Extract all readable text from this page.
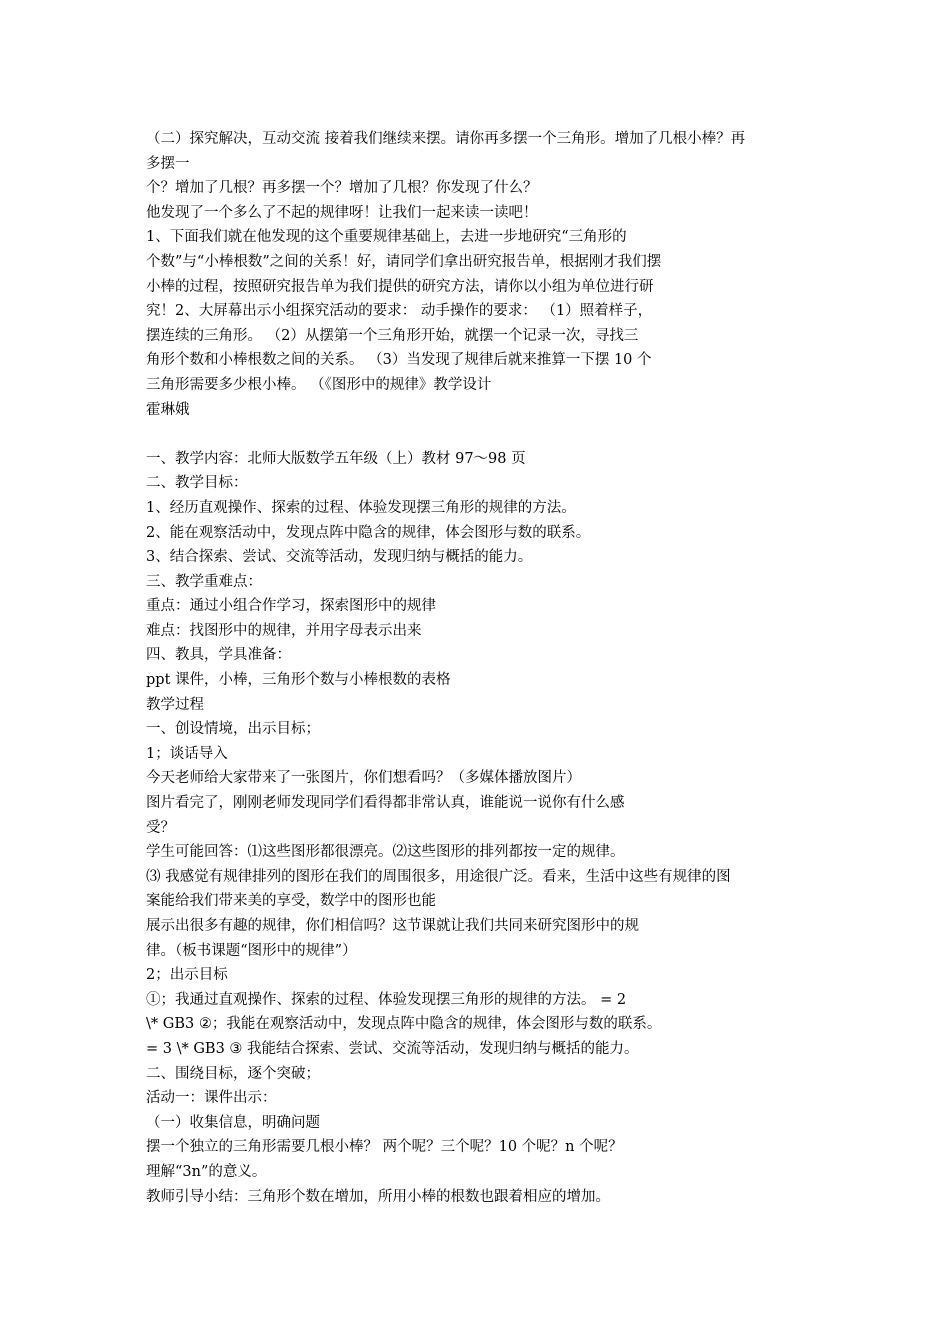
（二）探究解决，互动交流 接着我们继续来摆。请你再多摆一个三角形。增加了几根小棒？再
多摆一
个？增加了几根？再多摆一个？增加了几根？你发现了什么？
他发现了一个多么了不起的规律呀！让我们一起来读一读吧！
1、下面我们就在他发现的这个重要规律基础上，去进一步地研究“三角形的
个数”与“小棒根数”之间的关系！好，请同学们拿出研究报告单，根据刚才我们摆
小棒的过程，按照研究报告单为我们提供的研究方法，请你以小组为单位进行研
究！2、大屏幕出示小组探究活动的要求： 动手操作的要求： （1）照着样子，
摆连续的三角形。 （2）从摆第一个三角形开始，就摆一个记录一次，寻找三
角形个数和小棒根数之间的关系。 （3）当发现了规律后就来推算一下摆 10 个
三角形需要多少根小棒。 （《图形中的规律》教学设计
霍琳娥
一、教学内容：北师大版数学五年级（上）教材 97～98 页
二、教学目标：
1、经历直观操作、探索的过程、体验发现摆三角形的规律的方法。
2、能在观察活动中，发现点阵中隐含的规律，体会图形与数的联系。
3、结合探索、尝试、交流等活动，发现归纳与概括的能力。
三、教学重难点：
重点：通过小组合作学习，探索图形中的规律
难点：找图形中的规律，并用字母表示出来
四、教具，学具准备：
ppt 课件，小棒，三角形个数与小棒根数的表格
教学过程
一、创设情境，出示目标；
1；谈话导入
今天老师给大家带来了一张图片，你们想看吗？（多媒体播放图片）
图片看完了，刚刚老师发现同学们看得都非常认真，谁能说一说你有什么感
受？
学生可能回答：⑴这些图形都很漂亮。⑵这些图形的排列都按一定的规律。
⑶ 我感觉有规律排列的图形在我们的周围很多，用途很广泛。看来，生活中这些有规律的图
案能给我们带来美的享受，数学中的图形也能
展示出很多有趣的规律，你们相信吗？这节课就让我们共同来研究图形中的规
律。（板书课题“图形中的规律”）
2；出示目标
①；我通过直观操作、探索的过程、体验发现摆三角形的规律的方法。 = 2
\* GB3 ②；我能在观察活动中，发现点阵中隐含的规律，体会图形与数的联系。
= 3 \* GB3 ③ 我能结合探索、尝试、交流等活动，发现归纳与概括的能力。
二、围绕目标，逐个突破；
活动一：课件出示：
（一）收集信息，明确问题
摆一个独立的三角形需要几根小棒？ 两个呢？三个呢？10 个呢？n 个呢？
理解“3n”的意义。
教师引导小结：三角形个数在增加，所用小棒的根数也跟着相应的增加。
